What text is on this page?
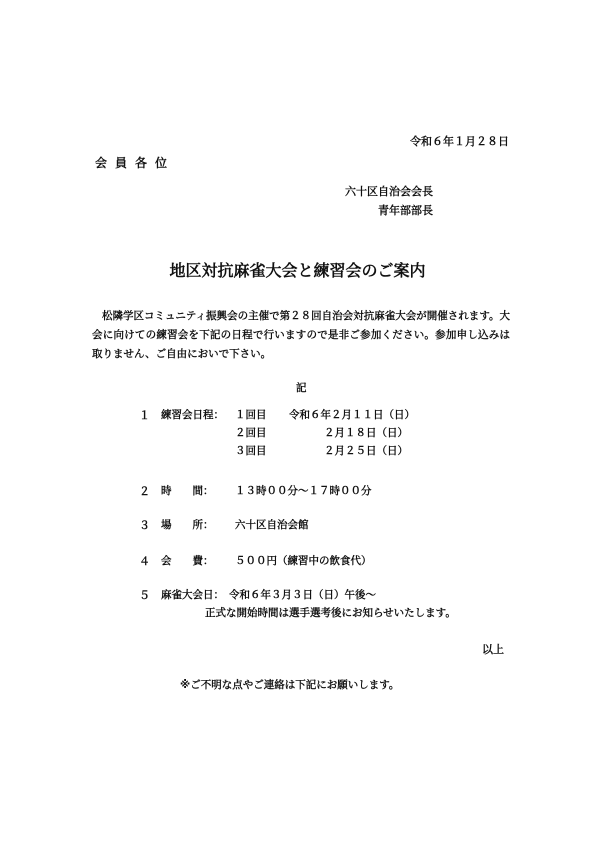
令和６年１月２８日
会員各位
六十区自治会会長
青年部部長
地区対抗麻雀大会と練習会のご案内
松隣学区コミュニティ振興会の主催で第２８回自治会対抗麻雀大会が開催されます。大会に向けての練習会を下記の日程で行いますので是非ご参加ください。参加申し込みは取りません、ご自由においで下さい。
記
１	練習会日程： １回目 令和６年２月１１日（日）
２回目	２月１８日（日）
３回目	２月２５日（日）
２	時　　間： １３時００分～１７時００分
３	場　　所： 六十区自治会館
４	会　　費： ５００円（練習中の飲食代）
５	麻雀大会日： 令和６年３月３日（日）午後～
正式な開始時間は選手選考後にお知らせいたします。
以上
※ご不明な点やご連絡は下記にお願いします。
